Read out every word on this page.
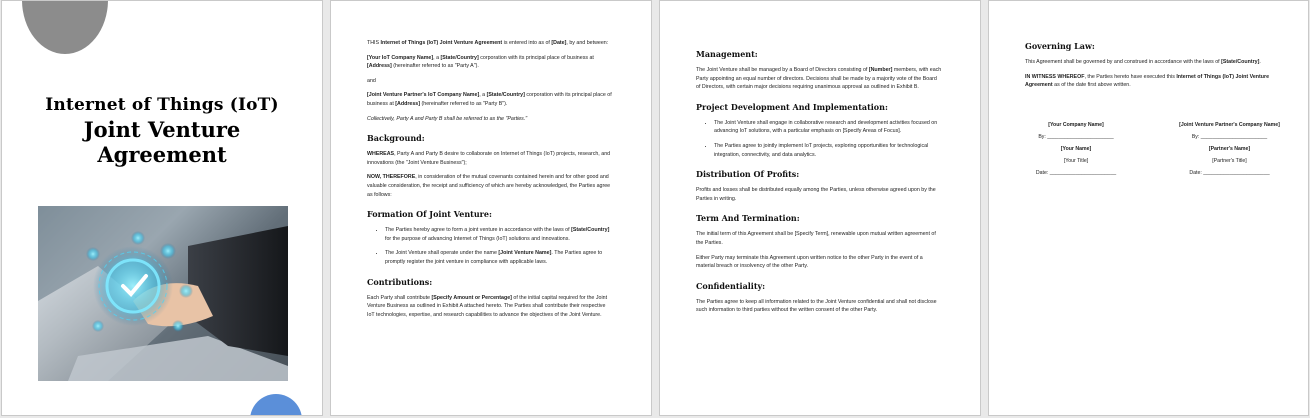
Internet of Things (IoT)
Joint Venture
Agreement

THIS Internet of Things (IoT) Joint Venture Agreement is entered into as of [Date], by and between:

[Your IoT Company Name], a [State/Country] corporation with its principal place of business at [Address] (hereinafter referred to as "Party A").

and

[Joint Venture Partner's IoT Company Name], a [State/Country] corporation with its principal place of business at [Address] (hereinafter referred to as "Party B").

Collectively, Party A and Party B shall be referred to as the "Parties."

Background:

WHEREAS, Party A and Party B desire to collaborate on Internet of Things (IoT) projects, research, and innovations (the "Joint Venture Business");

NOW, THEREFORE, in consideration of the mutual covenants contained herein and for other good and valuable consideration, the receipt and sufficiency of which are hereby acknowledged, the Parties agree as follows:

Formation Of Joint Venture:
• The Parties hereby agree to form a joint venture in accordance with the laws of [State/Country] for the purpose of advancing Internet of Things (IoT) solutions and innovations.
• The Joint Venture shall operate under the name [Joint Venture Name]. The Parties agree to promptly register the joint venture in compliance with applicable laws.
Contributions:

Each Party shall contribute [Specify Amount or Percentage] of the initial capital required for the Joint Venture Business as outlined in Exhibit A attached hereto. The Parties shall contribute their respective IoT technologies, expertise, and research capabilities to advance the objectives of the Joint Venture.

Management:

The Joint Venture shall be managed by a Board of Directors consisting of [Number] members, with each Party appointing an equal number of directors. Decisions shall be made by a majority vote of the Board of Directors, with certain major decisions requiring unanimous approval as outlined in Exhibit B.

Project Development And Implementation:
• The Joint Venture shall engage in collaborative research and development activities focused on advancing IoT solutions, with a particular emphasis on [Specify Areas of Focus].
• The Parties agree to jointly implement IoT projects, exploring opportunities for technological integration, connectivity, and data analytics.
Distribution Of Profits:

Profits and losses shall be distributed equally among the Parties, unless otherwise agreed upon by the Parties in writing.

Term And Termination:

The initial term of this Agreement shall be [Specify Term], renewable upon mutual written agreement of the Parties.

Either Party may terminate this Agreement upon written notice to the other Party in the event of a material breach or insolvency of the other Party.

Confidentiality:

The Parties agree to keep all information related to the Joint Venture confidential and shall not disclose such information to third parties without the written consent of the other Party.

Governing Law:

This Agreement shall be governed by and construed in accordance with the laws of [State/Country].

IN WITNESS WHEREOF, the Parties hereto have executed this Internet of Things (IoT) Joint Venture Agreement as of the date first above written.

[Your Company Name]
By: _______________________
[Your Name]
[Your Title]
Date: _______________________
[Joint Venture Partner's Company Name]
By: _______________________
[Partner's Name]
[Partner's Title]
Date: _______________________
